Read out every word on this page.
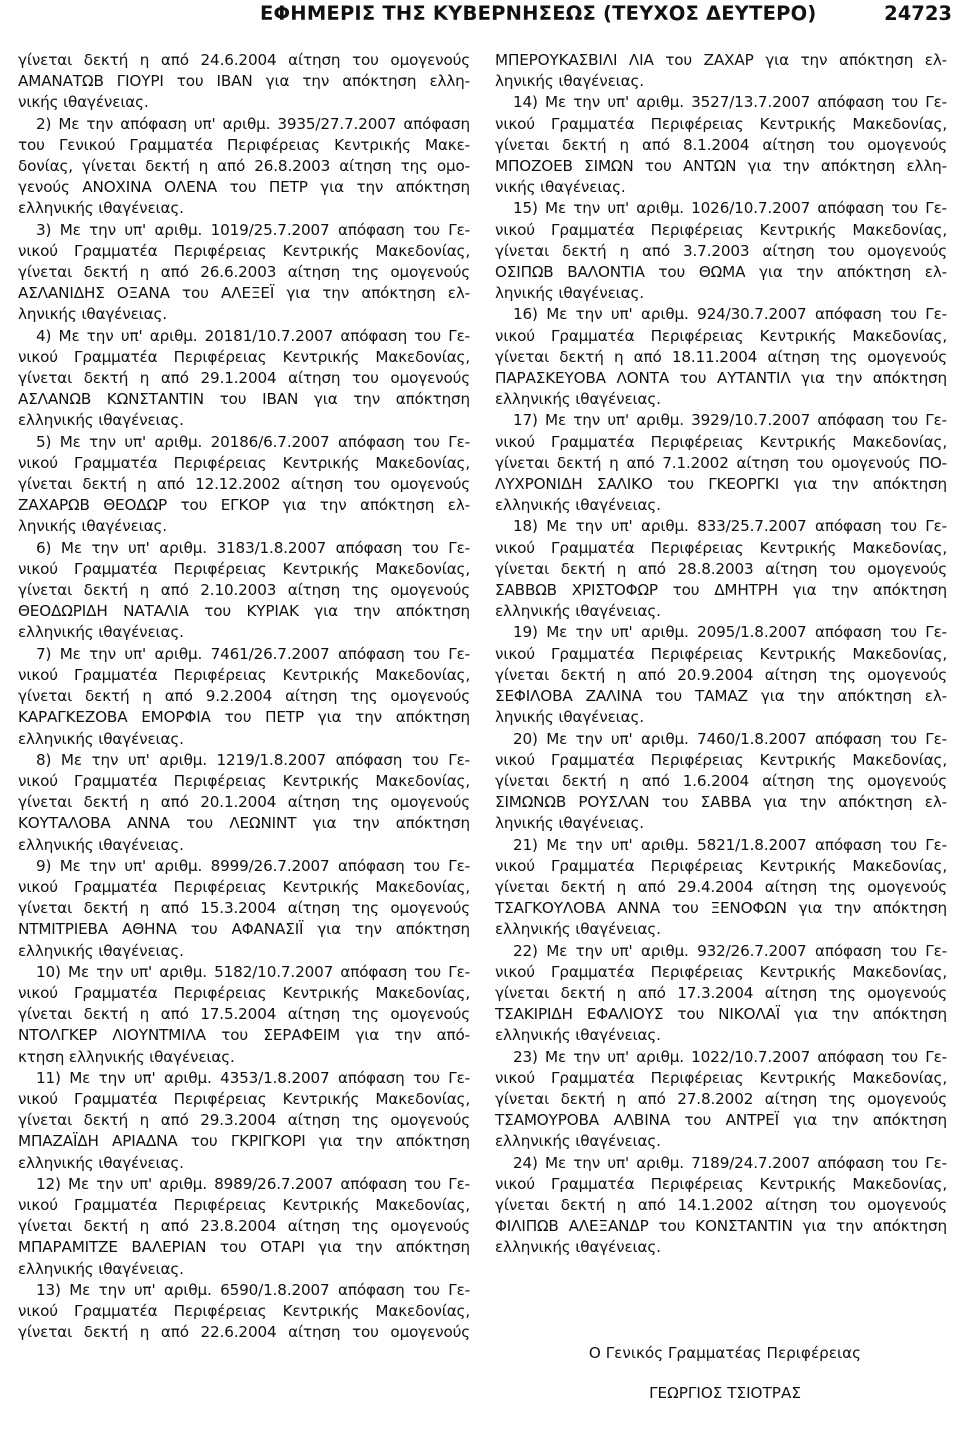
ΕΦΗΜΕΡΙΣ ΤΗΣ ΚΥΒΕΡΝΗΣΕΩΣ (ΤΕΥΧΟΣ ΔΕΥΤΕΡΟ)	24723
γίνεται δεκτή η από 24.6.2004 αίτηση του ομογενούς
ΑΜΑΝΑΤΩΒ ΓΙΟΥΡΙ του ΙΒΑΝ για την απόκτηση ελλη-
νικής ιθαγένειας.
2) Με την απόφαση υπ' αριθμ. 3935/27.7.2007 απόφαση
του Γενικού Γραμματέα Περιφέρειας Κεντρικής Μακε-
δονίας, γίνεται δεκτή η από 26.8.2003 αίτηση της ομο-
γενούς ΑΝΟΧΙΝΑ ΟΛΕΝΑ του ΠΕΤΡ για την απόκτηση
ελληνικής ιθαγένειας.
3) Με την υπ' αριθμ. 1019/25.7.2007 απόφαση του Γε-
νικού Γραμματέα Περιφέρειας Κεντρικής Μακεδονίας,
γίνεται δεκτή η από 26.6.2003 αίτηση της ομογενούς
ΑΣΛΑΝΙΔΗΣ ΟΞΑΝΑ του ΑΛΕΞΕΪ για την απόκτηση ελ-
ληνικής ιθαγένειας.
4) Με την υπ' αριθμ. 20181/10.7.2007 απόφαση του Γε-
νικού Γραμματέα Περιφέρειας Κεντρικής Μακεδονίας,
γίνεται δεκτή η από 29.1.2004 αίτηση του ομογενούς
ΑΣΛΑΝΩΒ ΚΩΝΣΤΑΝΤΙΝ του ΙΒΑΝ για την απόκτηση
ελληνικής ιθαγένειας.
5) Με την υπ' αριθμ. 20186/6.7.2007 απόφαση του Γε-
νικού Γραμματέα Περιφέρειας Κεντρικής Μακεδονίας,
γίνεται δεκτή η από 12.12.2002 αίτηση του ομογενούς
ΖΑΧΑΡΩΒ ΘΕΟΔΩΡ του ΕΓΚΟΡ για την απόκτηση ελ-
ληνικής ιθαγένειας.
6) Με την υπ' αριθμ. 3183/1.8.2007 απόφαση του Γε-
νικού Γραμματέα Περιφέρειας Κεντρικής Μακεδονίας,
γίνεται δεκτή η από 2.10.2003 αίτηση της ομογενούς
ΘΕΟΔΩΡΙΔΗ ΝΑΤΑΛΙΑ του ΚΥΡΙΑΚ για την απόκτηση
ελληνικής ιθαγένειας.
7) Με την υπ' αριθμ. 7461/26.7.2007 απόφαση του Γε-
νικού Γραμματέα Περιφέρειας Κεντρικής Μακεδονίας,
γίνεται δεκτή η από 9.2.2004 αίτηση της ομογενούς
ΚΑΡΑΓΚΕΖΟΒΑ ΕΜΟΡΦΙΑ του ΠΕΤΡ για την απόκτηση
ελληνικής ιθαγένειας.
8) Με την υπ' αριθμ. 1219/1.8.2007 απόφαση του Γε-
νικού Γραμματέα Περιφέρειας Κεντρικής Μακεδονίας,
γίνεται δεκτή η από 20.1.2004 αίτηση της ομογενούς
ΚΟΥΤΑΛΟΒΑ ΑΝΝΑ του ΛΕΩΝΙΝΤ για την απόκτηση
ελληνικής ιθαγένειας.
9) Με την υπ' αριθμ. 8999/26.7.2007 απόφαση του Γε-
νικού Γραμματέα Περιφέρειας Κεντρικής Μακεδονίας,
γίνεται δεκτή η από 15.3.2004 αίτηση της ομογενούς
ΝΤΜΙΤΡΙΕΒΑ ΑΘΗΝΑ του ΑΦΑΝΑΣΙΪ για την απόκτηση
ελληνικής ιθαγένειας.
10) Με την υπ' αριθμ. 5182/10.7.2007 απόφαση του Γε-
νικού Γραμματέα Περιφέρειας Κεντρικής Μακεδονίας,
γίνεται δεκτή η από 17.5.2004 αίτηση της ομογενούς
ΝΤΟΛΓΚΕΡ ΛΙΟΥΝΤΜΙΛΑ του ΣΕΡΑΦΕΙΜ για την από-
κτηση ελληνικής ιθαγένειας.
11) Με την υπ' αριθμ. 4353/1.8.2007 απόφαση του Γε-
νικού Γραμματέα Περιφέρειας Κεντρικής Μακεδονίας,
γίνεται δεκτή η από 29.3.2004 αίτηση της ομογενούς
ΜΠΑΖΑΪΔΗ ΑΡΙΑΔΝΑ του ΓΚΡΙΓΚΟΡΙ για την απόκτηση
ελληνικής ιθαγένειας.
12) Με την υπ' αριθμ. 8989/26.7.2007 απόφαση του Γε-
νικού Γραμματέα Περιφέρειας Κεντρικής Μακεδονίας,
γίνεται δεκτή η από 23.8.2004 αίτηση της ομογενούς
ΜΠΑΡΑΜΙΤΖΕ ΒΑΛΕΡΙΑΝ του ΟΤΑΡΙ για την απόκτηση
ελληνικής ιθαγένειας.
13) Με την υπ' αριθμ. 6590/1.8.2007 απόφαση του Γε-
νικού Γραμματέα Περιφέρειας Κεντρικής Μακεδονίας,
γίνεται δεκτή η από 22.6.2004 αίτηση του ομογενούς
ΜΠΕΡΟΥΚΑΣΒΙΛΙ ΛΙΑ του ΖΑΧΑΡ για την απόκτηση ελ-
ληνικής ιθαγένειας.
14) Με την υπ' αριθμ. 3527/13.7.2007 απόφαση του Γε-
νικού Γραμματέα Περιφέρειας Κεντρικής Μακεδονίας,
γίνεται δεκτή η από 8.1.2004 αίτηση του ομογενούς
ΜΠΟΖΟΕΒ ΣΙΜΩΝ του ΑΝΤΩΝ για την απόκτηση ελλη-
νικής ιθαγένειας.
15) Με την υπ' αριθμ. 1026/10.7.2007 απόφαση του Γε-
νικού Γραμματέα Περιφέρειας Κεντρικής Μακεδονίας,
γίνεται δεκτή η από 3.7.2003 αίτηση του ομογενούς
ΟΣΙΠΩΒ ΒΑΛΟΝΤΙΑ του ΘΩΜΑ για την απόκτηση ελ-
ληνικής ιθαγένειας.
16) Με την υπ' αριθμ. 924/30.7.2007 απόφαση του Γε-
νικού Γραμματέα Περιφέρειας Κεντρικής Μακεδονίας,
γίνεται δεκτή η από 18.11.2004 αίτηση της ομογενούς
ΠΑΡΑΣΚΕΥΟΒΑ ΛΟΝΤΑ του ΑΥΤΑΝΤΙΛ για την απόκτηση
ελληνικής ιθαγένειας.
17) Με την υπ' αριθμ. 3929/10.7.2007 απόφαση του Γε-
νικού Γραμματέα Περιφέρειας Κεντρικής Μακεδονίας,
γίνεται δεκτή η από 7.1.2002 αίτηση του ομογενούς ΠΟ-
ΛΥΧΡΟΝΙΔΗ ΣΑΛΙΚΟ του ΓΚΕΟΡΓΚΙ για την απόκτηση
ελληνικής ιθαγένειας.
18) Με την υπ' αριθμ. 833/25.7.2007 απόφαση του Γε-
νικού Γραμματέα Περιφέρειας Κεντρικής Μακεδονίας,
γίνεται δεκτή η από 28.8.2003 αίτηση του ομογενούς
ΣΑΒΒΩΒ ΧΡΙΣΤΟΦΩΡ του ΔΜΗΤΡΗ για την απόκτηση
ελληνικής ιθαγένειας.
19) Με την υπ' αριθμ. 2095/1.8.2007 απόφαση του Γε-
νικού Γραμματέα Περιφέρειας Κεντρικής Μακεδονίας,
γίνεται δεκτή η από 20.9.2004 αίτηση της ομογενούς
ΣΕΦΙΛΟΒΑ ΖΑΛΙΝΑ του ΤΑΜΑΖ για την απόκτηση ελ-
ληνικής ιθαγένειας.
20) Με την υπ' αριθμ. 7460/1.8.2007 απόφαση του Γε-
νικού Γραμματέα Περιφέρειας Κεντρικής Μακεδονίας,
γίνεται δεκτή η από 1.6.2004 αίτηση της ομογενούς
ΣΙΜΩΝΩΒ ΡΟΥΣΛΑΝ του ΣΑΒΒΑ για την απόκτηση ελ-
ληνικής ιθαγένειας.
21) Με την υπ' αριθμ. 5821/1.8.2007 απόφαση του Γε-
νικού Γραμματέα Περιφέρειας Κεντρικής Μακεδονίας,
γίνεται δεκτή η από 29.4.2004 αίτηση της ομογενούς
ΤΣΑΓΚΟΥΛΟΒΑ ΑΝΝΑ του ΞΕΝΟΦΩΝ για την απόκτηση
ελληνικής ιθαγένειας.
22) Με την υπ' αριθμ. 932/26.7.2007 απόφαση του Γε-
νικού Γραμματέα Περιφέρειας Κεντρικής Μακεδονίας,
γίνεται δεκτή η από 17.3.2004 αίτηση της ομογενούς
ΤΣΑΚΙΡΙΔΗ ΕΦΑΛΙΟΥΣ του ΝΙΚΟΛΑΪ για την απόκτηση
ελληνικής ιθαγένειας.
23) Με την υπ' αριθμ. 1022/10.7.2007 απόφαση του Γε-
νικού Γραμματέα Περιφέρειας Κεντρικής Μακεδονίας,
γίνεται δεκτή η από 27.8.2002 αίτηση της ομογενούς
ΤΣΑΜΟΥΡΟΒΑ ΑΛΒΙΝΑ του ΑΝΤΡΕΪ για την απόκτηση
ελληνικής ιθαγένειας.
24) Με την υπ' αριθμ. 7189/24.7.2007 απόφαση του Γε-
νικού Γραμματέα Περιφέρειας Κεντρικής Μακεδονίας,
γίνεται δεκτή η από 14.1.2002 αίτηση του ομογενούς
ΦΙΛΙΠΩΒ ΑΛΕΞΑΝΔΡ του ΚΟΝΣΤΑΝΤΙΝ για την απόκτηση
ελληνικής ιθαγένειας.
Ο Γενικός Γραμματέας Περιφέρειας
ΓΕΩΡΓΙΟΣ ΤΣΙΟΤΡΑΣ
